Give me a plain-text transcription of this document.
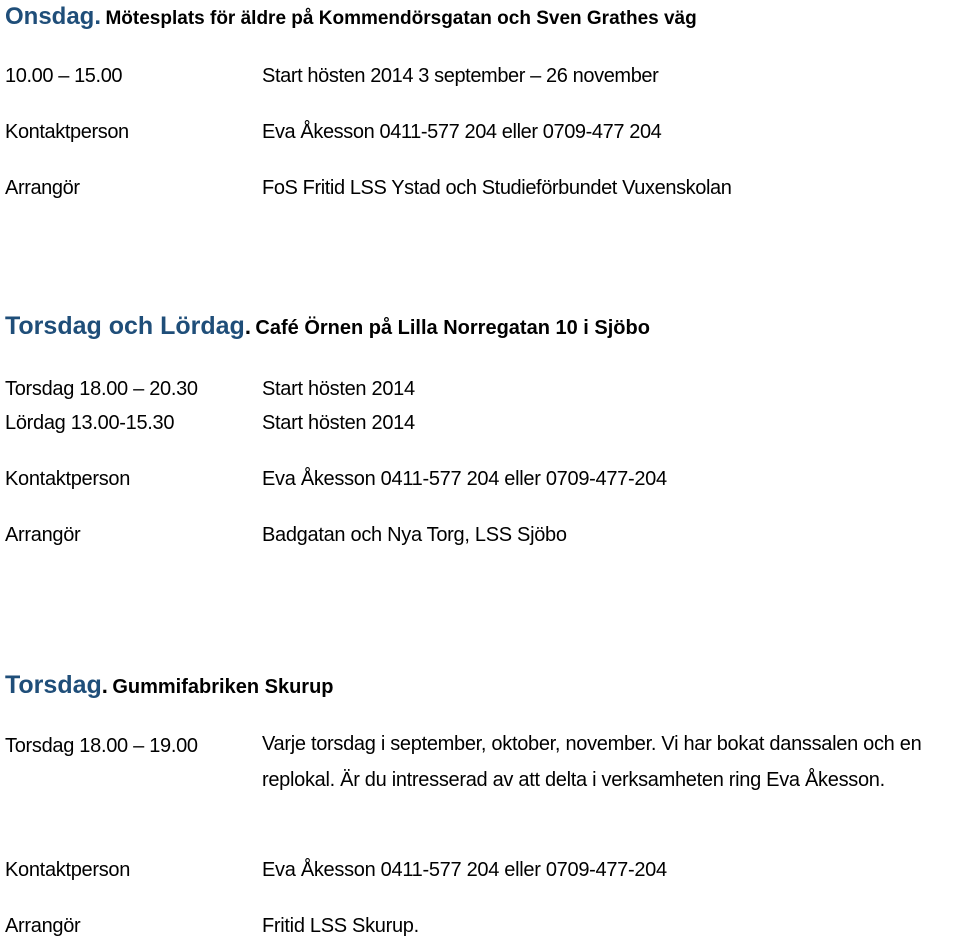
Onsdag. Mötesplats för äldre på Kommendörsgatan och Sven Grathes väg
10.00 – 15.00	Start hösten 2014 3 september – 26 november
Kontaktperson	Eva Åkesson 0411-577 204 eller 0709-477 204
Arrangör	FoS Fritid LSS Ystad och Studieförbundet Vuxenskolan
Torsdag och Lördag. Café Örnen på Lilla Norregatan 10 i Sjöbo
Torsdag 18.00 – 20.30	Start hösten 2014
Lördag 13.00-15.30	Start hösten 2014
Kontaktperson	Eva Åkesson 0411-577 204 eller 0709-477-204
Arrangör	Badgatan och Nya Torg, LSS Sjöbo
Torsdag. Gummifabriken Skurup
Torsdag 18.00 – 19.00	Varje torsdag i september, oktober, november. Vi har bokat danssalen och en replokal. Är du intresserad av att delta i verksamheten ring Eva Åkesson.
Kontaktperson	Eva Åkesson 0411-577 204 eller 0709-477-204
Arrangör	Fritid LSS Skurup.
